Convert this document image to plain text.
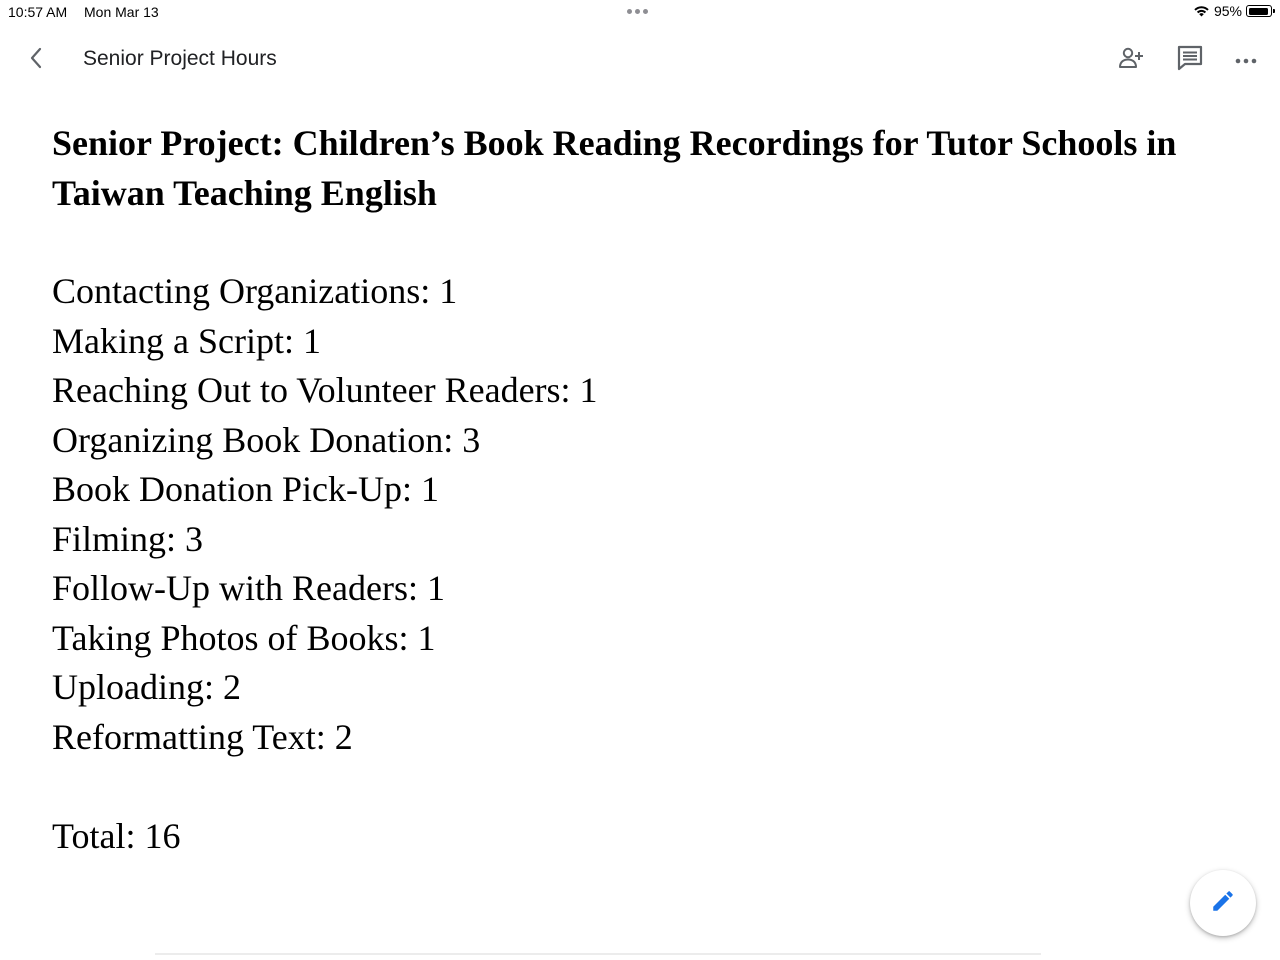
10:57 AM Mon Mar 13	95%
Senior Project Hours
Senior Project: Children’s Book Reading Recordings for Tutor Schools in Taiwan Teaching English
Contacting Organizations: 1
Making a Script: 1
Reaching Out to Volunteer Readers: 1
Organizing Book Donation: 3
Book Donation Pick-Up: 1
Filming: 3
Follow-Up with Readers: 1
Taking Photos of Books: 1
Uploading: 2
Reformatting Text: 2
Total: 16
